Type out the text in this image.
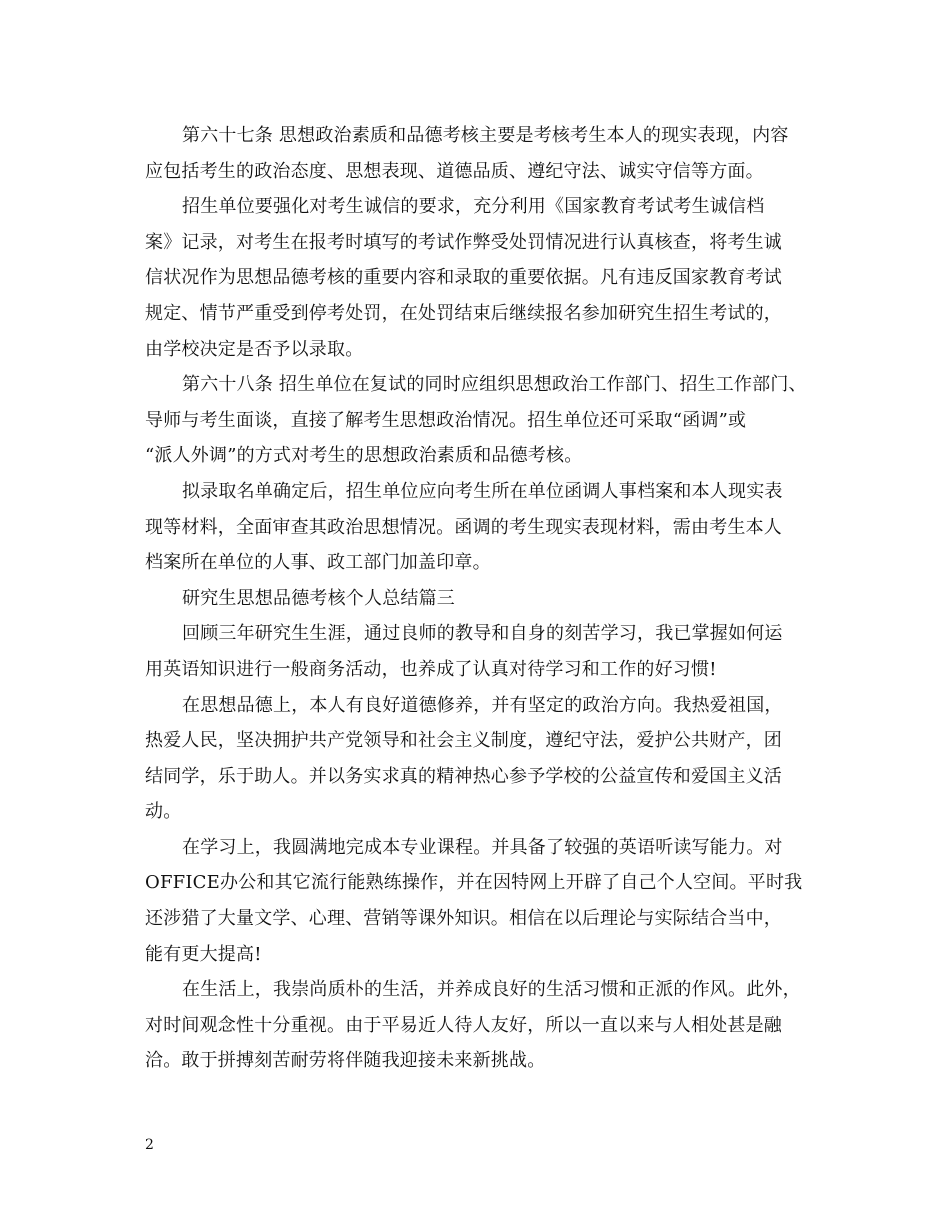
第六十七条 思想政治素质和品德考核主要是考核考生本人的现实表现，内容
应包括考生的政治态度、思想表现、道德品质、遵纪守法、诚实守信等方面。
招生单位要强化对考生诚信的要求，充分利用《国家教育考试考生诚信档
案》记录，对考生在报考时填写的考试作弊受处罚情况进行认真核查，将考生诚
信状况作为思想品德考核的重要内容和录取的重要依据。凡有违反国家教育考试
规定、情节严重受到停考处罚，在处罚结束后继续报名参加研究生招生考试的，
由学校决定是否予以录取。
第六十八条 招生单位在复试的同时应组织思想政治工作部门、招生工作部门、
导师与考生面谈，直接了解考生思想政治情况。招生单位还可采取“函调”或
“派人外调”的方式对考生的思想政治素质和品德考核。
拟录取名单确定后，招生单位应向考生所在单位函调人事档案和本人现实表
现等材料，全面审查其政治思想情况。函调的考生现实表现材料，需由考生本人
档案所在单位的人事、政工部门加盖印章。
研究生思想品德考核个人总结篇三
回顾三年研究生生涯，通过良师的教导和自身的刻苦学习，我已掌握如何运
用英语知识进行一般商务活动，也养成了认真对待学习和工作的好习惯!
在思想品德上，本人有良好道德修养，并有坚定的政治方向。我热爱祖国，
热爱人民，坚决拥护共产党领导和社会主义制度，遵纪守法，爱护公共财产，团
结同学，乐于助人。并以务实求真的精神热心参予学校的公益宣传和爱国主义活
动。
在学习上，我圆满地完成本专业课程。并具备了较强的英语听读写能力。对
OFFICE办公和其它流行能熟练操作，并在因特网上开辟了自己个人空间。平时我
还涉猎了大量文学、心理、营销等课外知识。相信在以后理论与实际结合当中，
能有更大提高!
在生活上，我崇尚质朴的生活，并养成良好的生活习惯和正派的作风。此外，
对时间观念性十分重视。由于平易近人待人友好，所以一直以来与人相处甚是融
洽。敢于拼搏刻苦耐劳将伴随我迎接未来新挑战。
2
